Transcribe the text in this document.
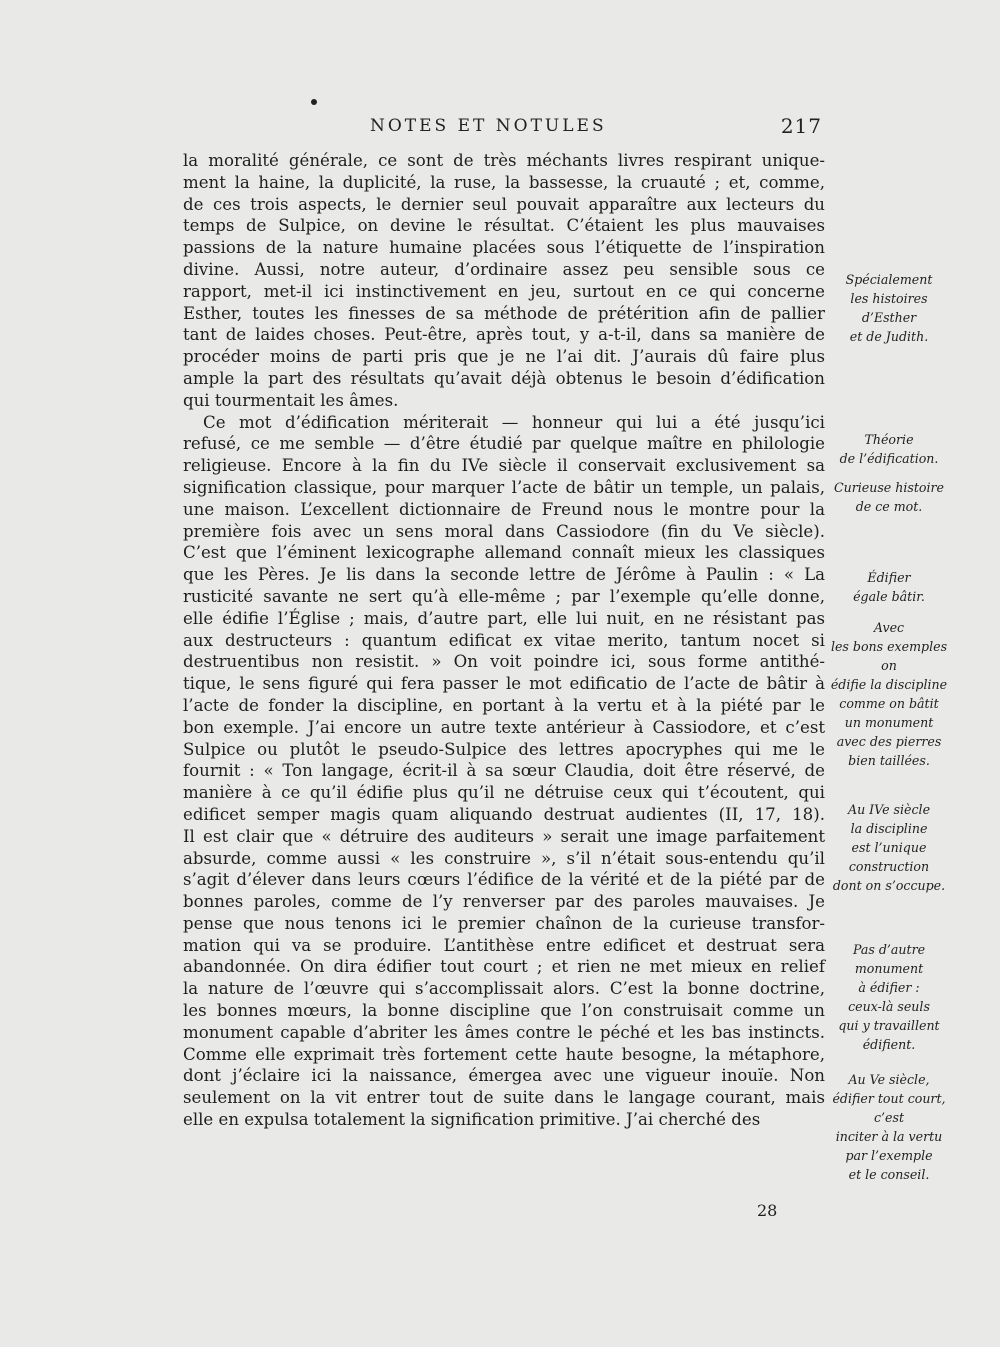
NOTES ET NOTULES	217
la moralité générale, ce sont de très méchants livres respirant unique-
ment la haine, la duplicité, la ruse, la bassesse, la cruauté ; et, comme,
de ces trois aspects, le dernier seul pouvait apparaître aux lecteurs du
temps de Sulpice, on devine le résultat. C’étaient les plus mauvaises
passions de la nature humaine placées sous l’étiquette de l’inspiration
divine. Aussi, notre auteur, d’ordinaire assez peu sensible sous ce
rapport, met-il ici instinctivement en jeu, surtout en ce qui concerne
Esther, toutes les finesses de sa méthode de prétérition afin de pallier
tant de laides choses. Peut-être, après tout, y a-t-il, dans sa manière de
procéder moins de parti pris que je ne l’ai dit. J’aurais dû faire plus
ample la part des résultats qu’avait déjà obtenus le besoin d’édification
qui tourmentait les âmes.
Ce mot d’édification mériterait — honneur qui lui a été jusqu’ici
refusé, ce me semble — d’être étudié par quelque maître en philologie
religieuse. Encore à la fin du IVe siècle il conservait exclusivement sa
signification classique, pour marquer l’acte de bâtir un temple, un palais,
une maison. L’excellent dictionnaire de Freund nous le montre pour la
première fois avec un sens moral dans Cassiodore (fin du Ve siècle).
C’est que l’éminent lexicographe allemand connaît mieux les classiques
que les Pères. Je lis dans la seconde lettre de Jérôme à Paulin : « La
rusticité savante ne sert qu’à elle-même ; par l’exemple qu’elle donne,
elle édifie l’Église ; mais, d’autre part, elle lui nuit, en ne résistant pas
aux destructeurs : quantum edificat ex vitae merito, tantum nocet si
destruentibus non resistit. » On voit poindre ici, sous forme antithé-
tique, le sens figuré qui fera passer le mot edificatio de l’acte de bâtir à
l’acte de fonder la discipline, en portant à la vertu et à la piété par le
bon exemple. J’ai encore un autre texte antérieur à Cassiodore, et c’est
Sulpice ou plutôt le pseudo-Sulpice des lettres apocryphes qui me le
fournit : « Ton langage, écrit-il à sa sœur Claudia, doit être réservé, de
manière à ce qu’il édifie plus qu’il ne détruise ceux qui t’écoutent, qui
edificet semper magis quam aliquando destruat audientes (II, 17, 18).
Il est clair que « détruire des auditeurs » serait une image parfaitement
absurde, comme aussi « les construire », s’il n’était sous-entendu qu’il
s’agit d’élever dans leurs cœurs l’édifice de la vérité et de la piété par de
bonnes paroles, comme de l’y renverser par des paroles mauvaises. Je
pense que nous tenons ici le premier chaînon de la curieuse transfor-
mation qui va se produire. L’antithèse entre edificet et destruat sera
abandonnée. On dira édifier tout court ; et rien ne met mieux en relief
la nature de l’œuvre qui s’accomplissait alors. C’est la bonne doctrine,
les bonnes mœurs, la bonne discipline que l’on construisait comme un
monument capable d’abriter les âmes contre le péché et les bas instincts.
Comme elle exprimait très fortement cette haute besogne, la métaphore,
dont j’éclaire ici la naissance, émergea avec une vigueur inouïe. Non
seulement on la vit entrer tout de suite dans le langage courant, mais
elle en expulsa totalement la signification primitive. J’ai cherché des
Spécialement
les histoires
d’Esther
et de Judith.
Théorie
de l’édification.
Curieuse histoire
de ce mot.
Édifier
égale bâtir.
Avec
les bons exemples
on
édifie la discipline
comme on bâtit
un monument
avec des pierres
bien taillées.
Au IVe siècle
la discipline
est l’unique
construction
dont on s’occupe.
Pas d’autre
monument
à édifier :
ceux-là seuls
qui y travaillent
édifient.
Au Ve siècle,
édifier tout court,
c’est
inciter à la vertu
par l’exemple
et le conseil.
28
